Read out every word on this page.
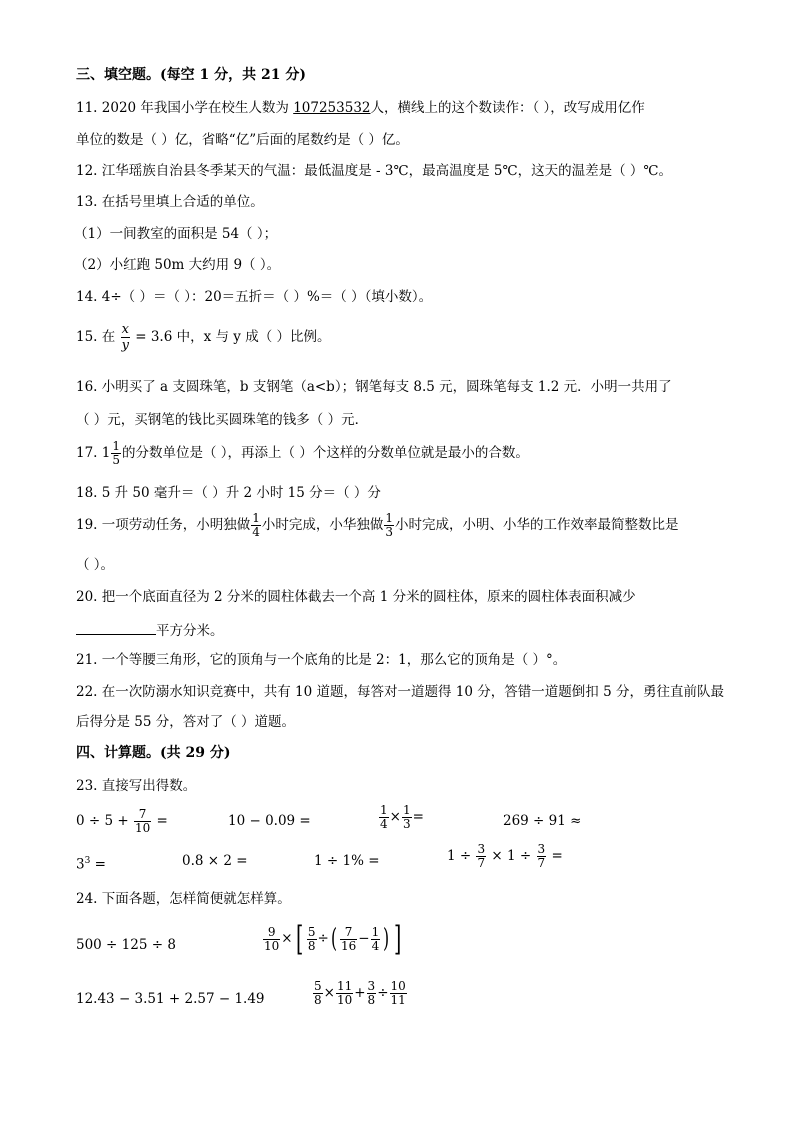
三、填空题。(每空 1 分，共 21 分)
11. 2020 年我国小学在校生人数为 107253532人，横线上的这个数读作：（ ），改写成用亿作
单位的数是（ ）亿，省略“亿”后面的尾数约是（ ）亿。
12. 江华瑶族自治县冬季某天的气温：最低温度是 - 3℃，最高温度是 5℃，这天的温差是（ ）℃。
13. 在括号里填上合适的单位。
（1）一间教室的面积是 54（ ）；
（2）小红跑 50m 大约用 9（ ）。
14. 4÷（ ）＝（ ）：20＝五折＝（ ）%＝（ ）（填小数）。
15. 在 $\frac{x}{y} = 3.6$ 中，x 与 y 成（ ）比例。
16. 小明买了 a 支圆珠笔，b 支钢笔（a<b）；钢笔每支 8.5 元，圆珠笔每支 1.2 元．小明一共用了
（ ）元，买钢笔的钱比买圆珠笔的钱多（ ）元．
17. $1 \frac{1}{5}$ 的分数单位是（ ），再添上（ ）个这样的分数单位就是最小的合数。
18. 5 升 50 毫升＝（ ）升 2 小时 15 分＝（ ）分
19. 一项劳动任务，小明独做 $\frac{1}{4}$ 小时完成，小华独做 $\frac{1}{3}$ 小时完成，小明、小华的工作效率最简整数比是
（ ）。
20. 把一个底面直径为 2 分米的圆柱体截去一个高 1 分米的圆柱体，原来的圆柱体表面积减少
平方分米。
21. 一个等腰三角形，它的顶角与一个底角的比是 2：1，那么它的顶角是（ ）°。
22. 在一次防溺水知识竞赛中，共有 10 道题，每答对一道题得 10 分，答错一道题倒扣 5 分，勇往直前队最
后得分是 55 分，答对了（ ）道题。
四、计算题。(共 29 分)
23. 直接写出得数。
$0 \div 5 + \frac{7}{10}$ =	10 − 0.09 =	$\frac{1}{4} \times \frac{1}{3}$ =	269 ÷ 91 ≈
$3^3$ =	0.8 × 2 =	1 ÷ 1% =	$1 \div \frac{3}{7} \times 1 \div \frac{3}{7}$ =
24. 下面各题，怎样简便就怎样算。
500 ÷ 125 ÷ 8	$\frac{9}{10}$ ×[ $\frac{5}{8}$ ÷( $\frac{7}{16} - \frac{1}{4}$ ) ]
12.43 − 3.51 + 2.57 − 1.49	$\frac{5}{8} \times \frac{11}{10} + \frac{3}{8} \div \frac{10}{11}$
